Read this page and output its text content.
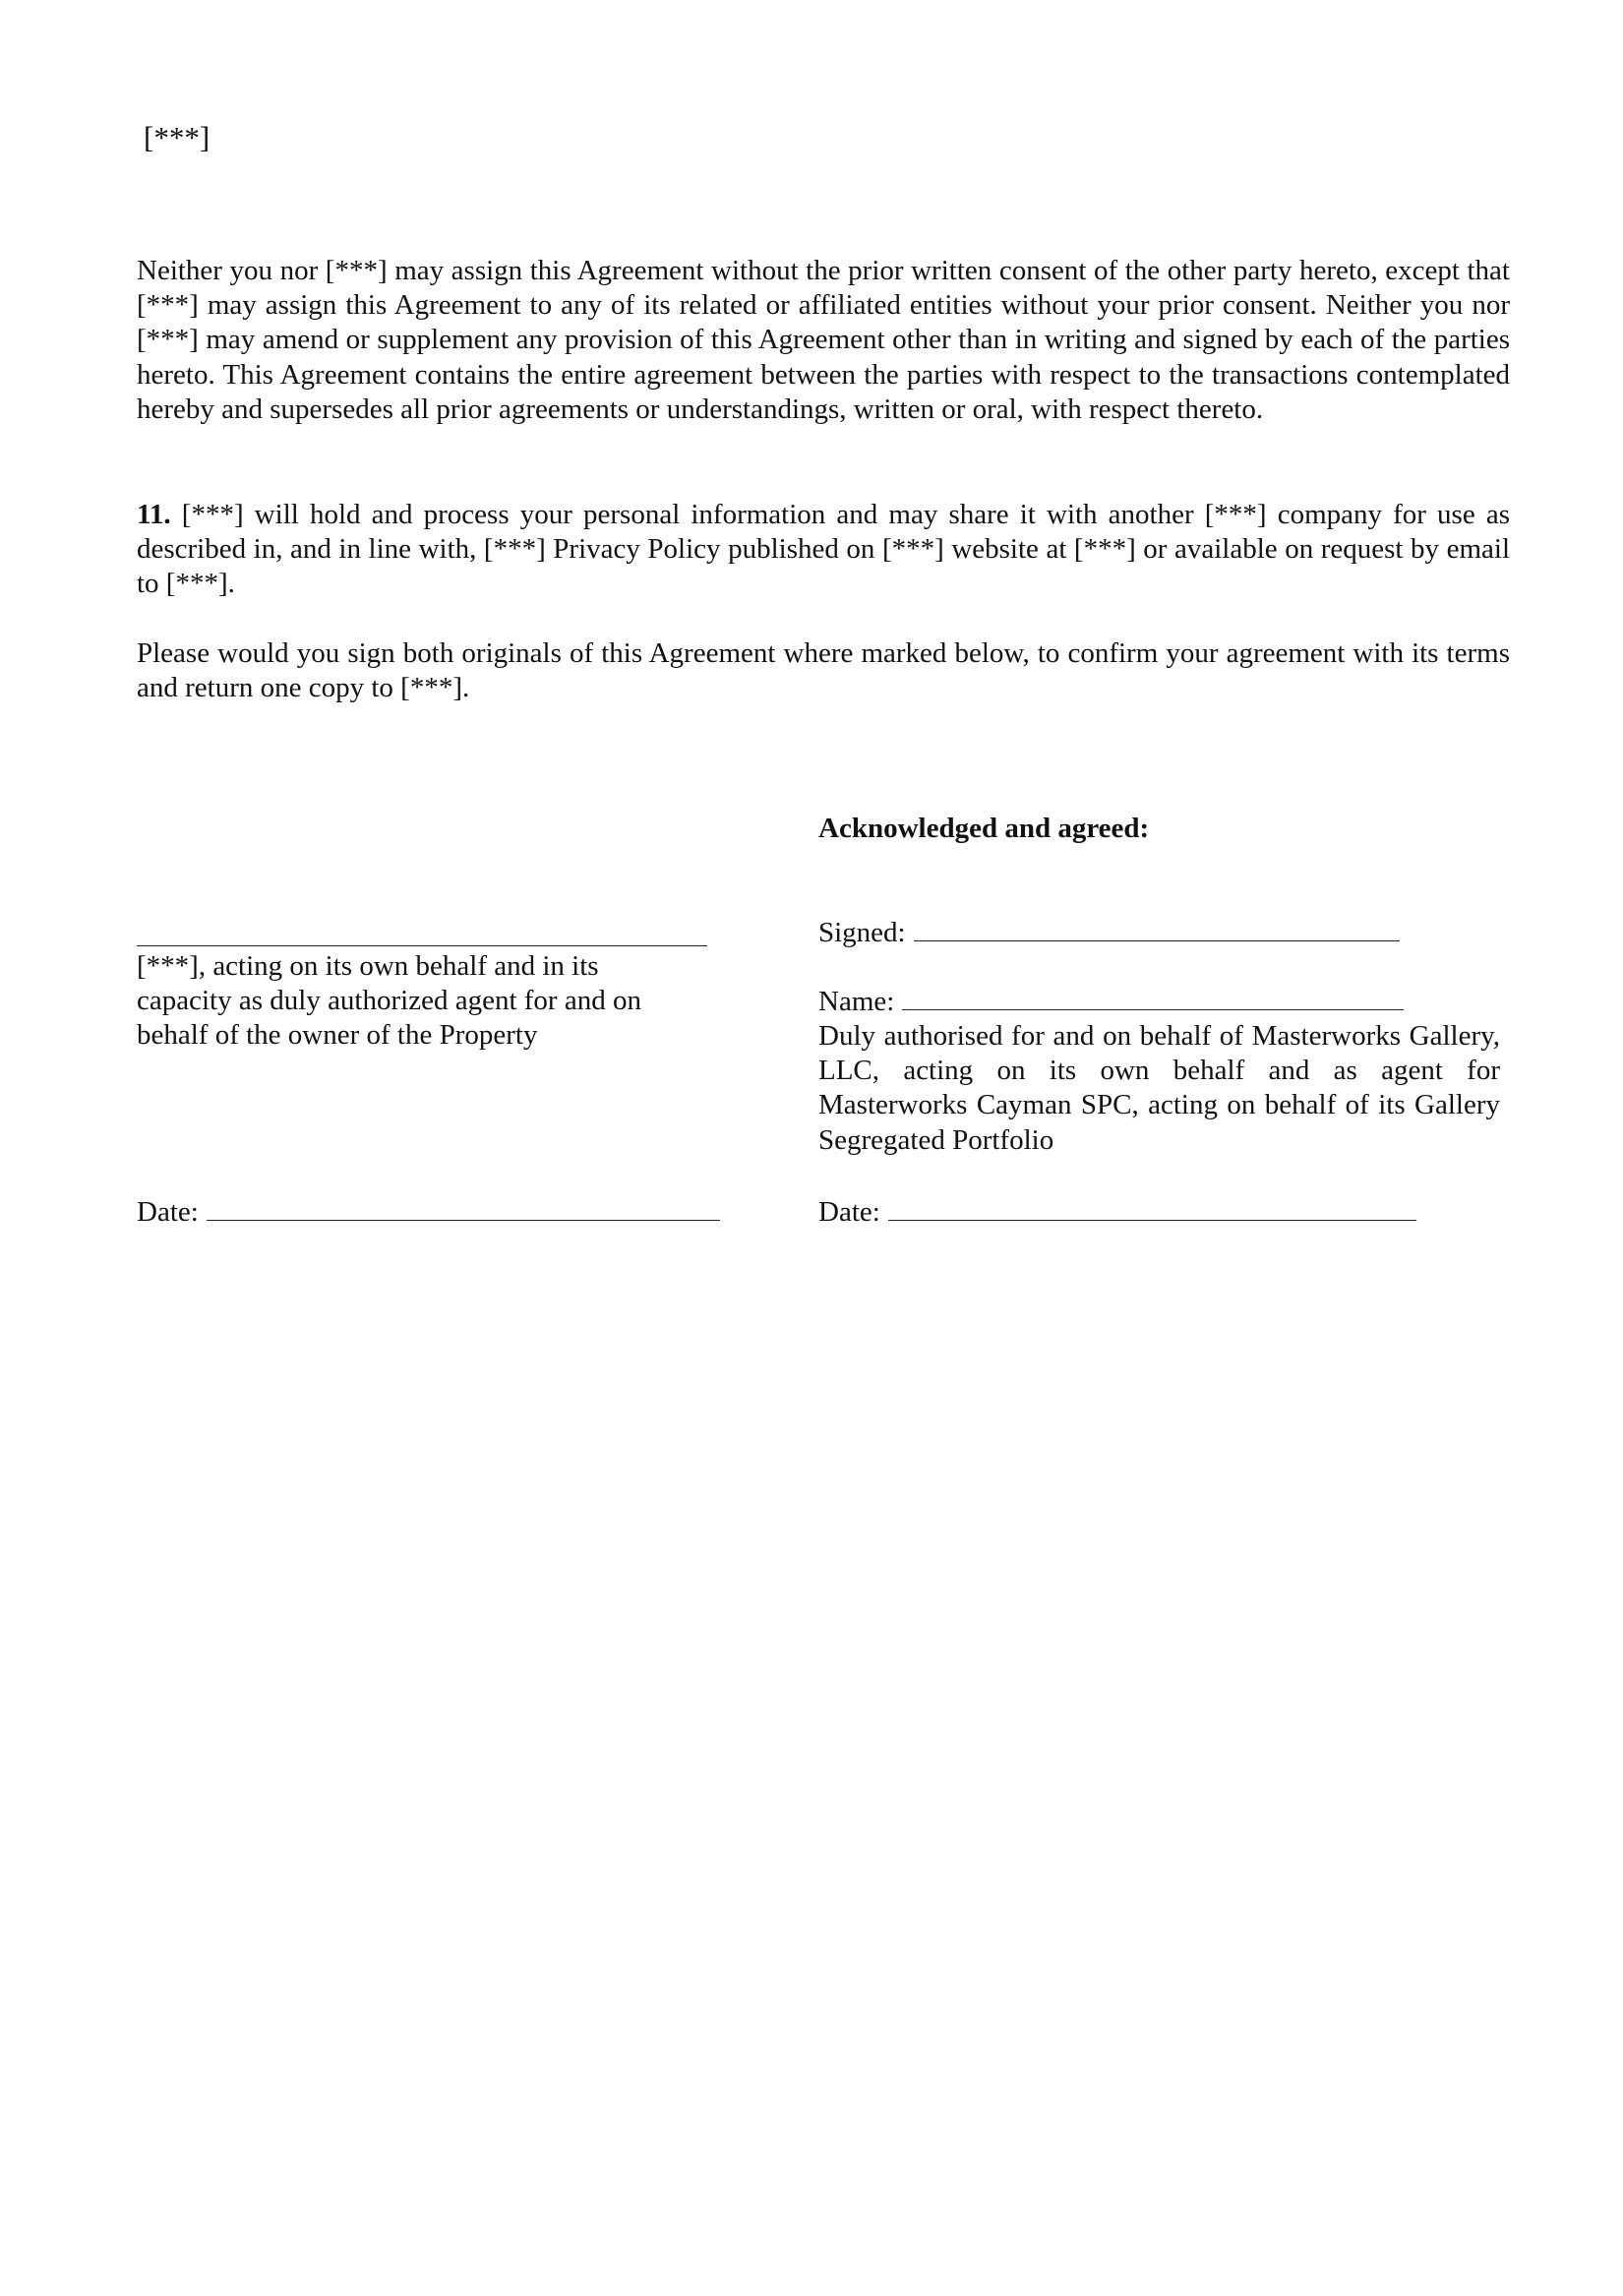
[***]
Neither you nor [***] may assign this Agreement without the prior written consent of the other party hereto, except that [***] may assign this Agreement to any of its related or affiliated entities without your prior consent. Neither you nor [***] may amend or supplement any provision of this Agreement other than in writing and signed by each of the parties hereto. This Agreement contains the entire agreement between the parties with respect to the transactions contemplated hereby and supersedes all prior agreements or understandings, written or oral, with respect thereto.
11. [***] will hold and process your personal information and may share it with another [***] company for use as described in, and in line with, [***] Privacy Policy published on [***] website at [***] or available on request by email to [***].
Please would you sign both originals of this Agreement where marked below, to confirm your agreement with its terms and return one copy to [***].
Acknowledged and agreed:
[***], acting on its own behalf and in its capacity as duly authorized agent for and on behalf of the owner of the Property
Date:
Signed:
Name:
Duly authorised for and on behalf of Masterworks Gallery, LLC, acting on its own behalf and as agent for Masterworks Cayman SPC, acting on behalf of its Gallery Segregated Portfolio
Date:
